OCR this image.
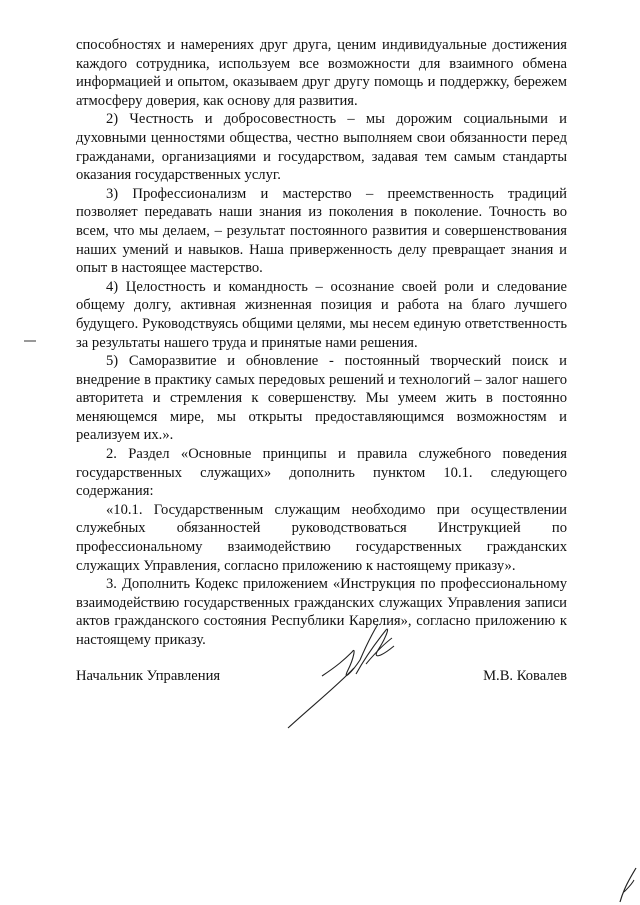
способностях и намерениях друг друга, ценим индивидуальные достижения каждого сотрудника, используем все возможности для взаимного обмена информацией и опытом, оказываем друг другу помощь и поддержку, бережем атмосферу доверия, как основу для развития.

2) Честность и добросовестность – мы дорожим социальными и духовными ценностями общества, честно выполняем свои обязанности перед гражданами, организациями и государством, задавая тем самым стандарты оказания государственных услуг.

3) Профессионализм и мастерство – преемственность традиций позволяет передавать наши знания из поколения в поколение. Точность во всем, что мы делаем, – результат постоянного развития и совершенствования наших умений и навыков. Наша приверженность делу превращает знания и опыт в настоящее мастерство.

4) Целостность и командность – осознание своей роли и следование общему долгу, активная жизненная позиция и работа на благо лучшего будущего. Руководствуясь общими целями, мы несем единую ответственность за результаты нашего труда и принятые нами решения.

5) Саморазвитие и обновление - постоянный творческий поиск и внедрение в практику самых передовых решений и технологий – залог нашего авторитета и стремления к совершенству. Мы умеем жить в постоянно меняющемся мире, мы открыты предоставляющимся возможностям и реализуем их.».

2. Раздел «Основные принципы и правила служебного поведения государственных служащих» дополнить пунктом 10.1. следующего содержания:

«10.1. Государственным служащим необходимо при осуществлении служебных обязанностей руководствоваться Инструкцией по профессиональному взаимодействию государственных гражданских служащих Управления, согласно приложению к настоящему приказу».

3. Дополнить Кодекс приложением «Инструкция по профессиональному взаимодействию государственных гражданских служащих Управления записи актов гражданского состояния Республики Карелия», согласно приложению к настоящему приказу.

Начальник Управления	М.В. Ковалев
